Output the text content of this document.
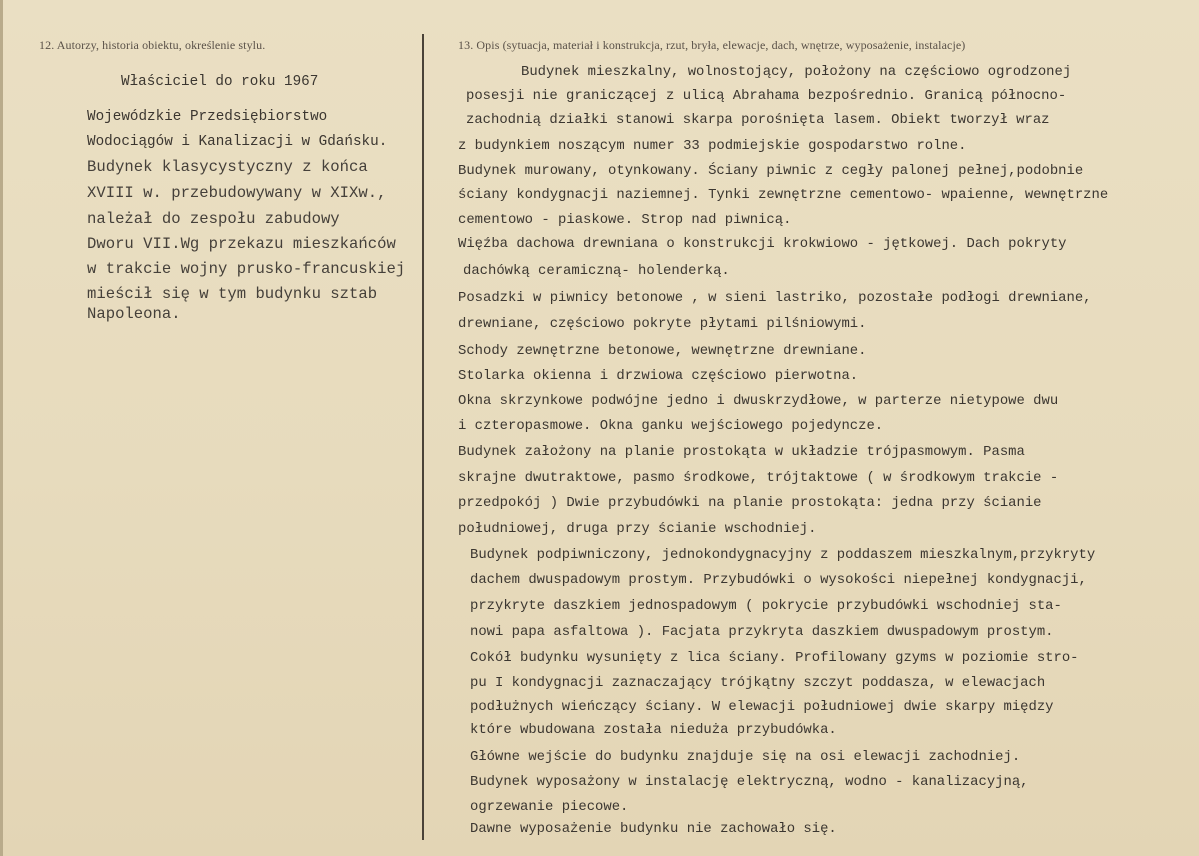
12. Autorzy, historia obiektu, określenie stylu.
Właściciel do roku 1967
Wojewódzkie Przedsiębiorstwo
Wodociągów i Kanalizacji w Gdańsku.
Budynek klasycystyczny z końca
XVIII w. przebudowywany w XIXw.,
należał do zespołu zabudowy
Dworu VII.Wg przekazu mieszkańców
w trakcie wojny prusko-francuskiej
mieścił się w tym budynku sztab
Napoleona.
13. Opis (sytuacja, materiał i konstrukcja, rzut, bryła, elewacje, dach, wnętrze, wyposażenie, instalacje)
Budynek mieszkalny, wolnostojący, położony na częściowo ogrodzonej
posesji nie graniczącej z ulicą Abrahama bezpośrednio. Granicą północno-
zachodnią działki stanowi skarpa porośnięta lasem. Obiekt tworzył wraz
z budynkiem noszącym numer 33 podmiejskie gospodarstwo rolne.
Budynek murowany, otynkowany. Ściany piwnic z cegły palonej pełnej,podobnie
ściany kondygnacji naziemnej. Tynki zewnętrzne cementowo- wpaienne, wewnętrzne
cementowo - piaskowe. Strop nad piwnicą.
Więźba dachowa drewniana o konstrukcji krokwiowo - jętkowej. Dach pokryty
dachówką ceramiczną- holenderką.
Posadzki w piwnicy betonowe , w sieni lastriko, pozostałe podłogi drewniane,
drewniane, częściowo pokryte płytami pilśniowymi.
Schody zewnętrzne betonowe, wewnętrzne drewniane.
Stolarka okienna i drzwiowa częściowo pierwotna.
Okna skrzynkowe podwójne jedno i dwuskrzydłowe, w parterze nietypowe dwu
i czteropasmowe. Okna ganku wejściowego pojedyncze.
Budynek założony na planie prostokąta w układzie trójpasmowym. Pasma
skrajne dwutraktowe, pasmo środkowe, trójtaktowe ( w środkowym trakcie -
przedpokój ) Dwie przybudówki na planie prostokąta: jedna przy ścianie
południowej, druga przy ścianie wschodniej.
Budynek podpiwniczony, jednokondygnacyjny z poddaszem mieszkalnym,przykryty
dachem dwuspadowym prostym. Przybudówki o wysokości niepełnej kondygnacji,
przykryte daszkiem jednospadowym ( pokrycie przybudówki wschodniej sta-
nowi papa asfaltowa ). Facjata przykryta daszkiem dwuspadowym prostym.
Cokół budynku wysunięty z lica ściany. Profilowany gzyms w poziomie stro-
pu I kondygnacji zaznaczający trójkątny szczyt poddasza, w elewacjach
podłużnych wieńczący ściany. W elewacji południowej dwie skarpy między
które wbudowana została nieduża przybudówka.
Główne wejście do budynku znajduje się na osi elewacji zachodniej.
Budynek wyposażony w instalację elektryczną, wodno - kanalizacyjną,
ogrzewanie piecowe.
Dawne wyposażenie budynku nie zachowało się.
